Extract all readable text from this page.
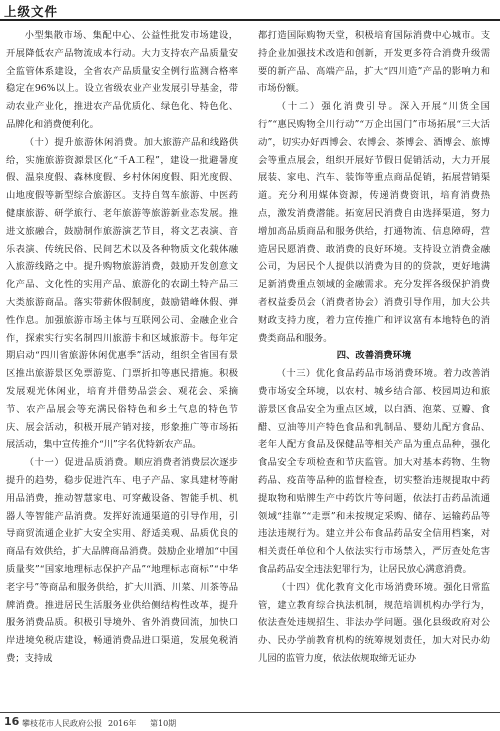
上级文件

小型集散市场、集配中心、公益性批发市场建设，开展降低农产品物流成本行动。大力支持农产品质量安全监管体系建设，全省农产品质量安全例行监测合格率稳定在96%以上。设立省级农业产业发展引导基金，带动农业产业化，推进农产品优质化、绿色化、特色化、品牌化和消费便利化。

（十）提升旅游休闲消费。加大旅游产品和线路供给，实施旅游资源景区化“千A工程”，建设一批避暑度假、温泉度假、森林度假、乡村休闲度假、阳光度假、山地度假等新型综合旅游区。支持自驾车旅游、中医药健康旅游、研学旅行、老年旅游等旅游新业态发展。推进文旅融合，鼓励制作旅游演艺节目，将文艺表演、音乐表演、传统民俗、民间艺术以及各种物质文化载体融入旅游线路之中。提升购物旅游消费，鼓励开发创意文化产品、文化性的实用产品、旅游化的农副土特产品三大类旅游商品。落实带薪休假制度，鼓励错峰休假、弹性作息。加强旅游市场主体与互联网公司、金融企业合作，探索实行实名制四川旅游卡和区域旅游卡。每年定期启动“四川省旅游休闲优惠季”活动，组织全省国有景区推出旅游景区免票游览、门票折扣等惠民措施。积极发展观光休闲业，培育并借势品尝会、观花会、采摘节、农产品展会等充满民俗特色和乡土气息的特色节庆、展会活动，积极开展产销对接，形象推广等市场拓展活动，集中宣传推介“川”字名优特新农产品。

（十一）促进品质消费。顺应消费者消费层次逐步提升的趋势，稳步促进汽车、电子产品、家具建材等耐用品消费，推动智慧家电、可穿戴设备、智能手机、机器人等智能产品消费。发挥好流通渠道的引导作用，引导商贸流通企业扩大安全实用、舒适美观、品质优良的商品有效供给，扩大品牌商品消费。鼓励企业增加“中国质量奖”“国家地理标志保护产品”“地理标志商标”“中华老字号”等商品和服务供给，扩大川酒、川菜、川茶等品牌消费。推进居民生活服务业供给侧结构性改革，提升服务消费品质。积极引导境外、省外消费回流，加快口岸进境免税店建设，畅通消费品进口渠道，发展免税消费；支持成

都打造国际购物天堂，积极培育国际消费中心城市。支持企业加强技术改造和创新，开发更多符合消费升级需要的新产品、高端产品，扩大“四川造”产品的影响力和市场份额。

（十二）强化消费引导。深入开展“川货全国行”“惠民购物全川行动”“万企出国门”市场拓展“三大活动”，切实办好西博会、农博会、茶博会、酒博会、旅博会等重点展会，组织开展好节假日促销活动，大力开展展装、家电、汽车、装饰等重点商品促销，拓展营销渠道。充分利用媒体资源，传递消费资讯，培育消费热点，激发消费潜能。拓宽居民消费自由选择渠道，努力增加高品质商品和服务供给，打通物流、信息障碍，营造居民愿消费、敢消费的良好环境。支持设立消费金融公司，为居民个人提供以消费为目的的贷款，更好地满足新消费重点领域的金融需求。充分发挥各级保护消费者权益委员会（消费者协会）消费引导作用，加大公共财政支持力度，着力宣传推广和评议富有本地特色的消费类商品和服务。

四、改善消费环境

（十三）优化食品药品市场消费环境。着力改善消费市场安全环境，以农村、城乡结合部、校园周边和旅游景区食品安全为重点区域，以白酒、泡菜、豆瓣、食醋、豆油等川产特色食品和乳制品、婴幼儿配方食品、老年人配方食品及保健品等相关产品为重点品种，强化食品安全专项检查和节庆监管。加大对基本药物、生物药品、疫苗等品种的监督检查，切实整治违规提取中药提取物和贴牌生产中药饮片等问题，依法打击药品流通领域“挂靠”“走票”和未按规定采购、储存、运输药品等违法违规行为。建立并公布食品药品安全信用档案，对相关责任单位和个人依法实行市场禁入，严厉查处危害食品药品安全违法犯罪行为，让居民放心满意消费。

（十四）优化教育文化市场消费环境。强化日常监管，建立教育综合执法机制，规范培训机构办学行为，依法查处违规招生、非法办学问题。强化县级政府对公办、民办学前教育机构的统筹规划责任，加大对民办幼儿园的监管力度，依法依规取缔无证办

16 攀枝花市人民政府公报 2016年 第10期
